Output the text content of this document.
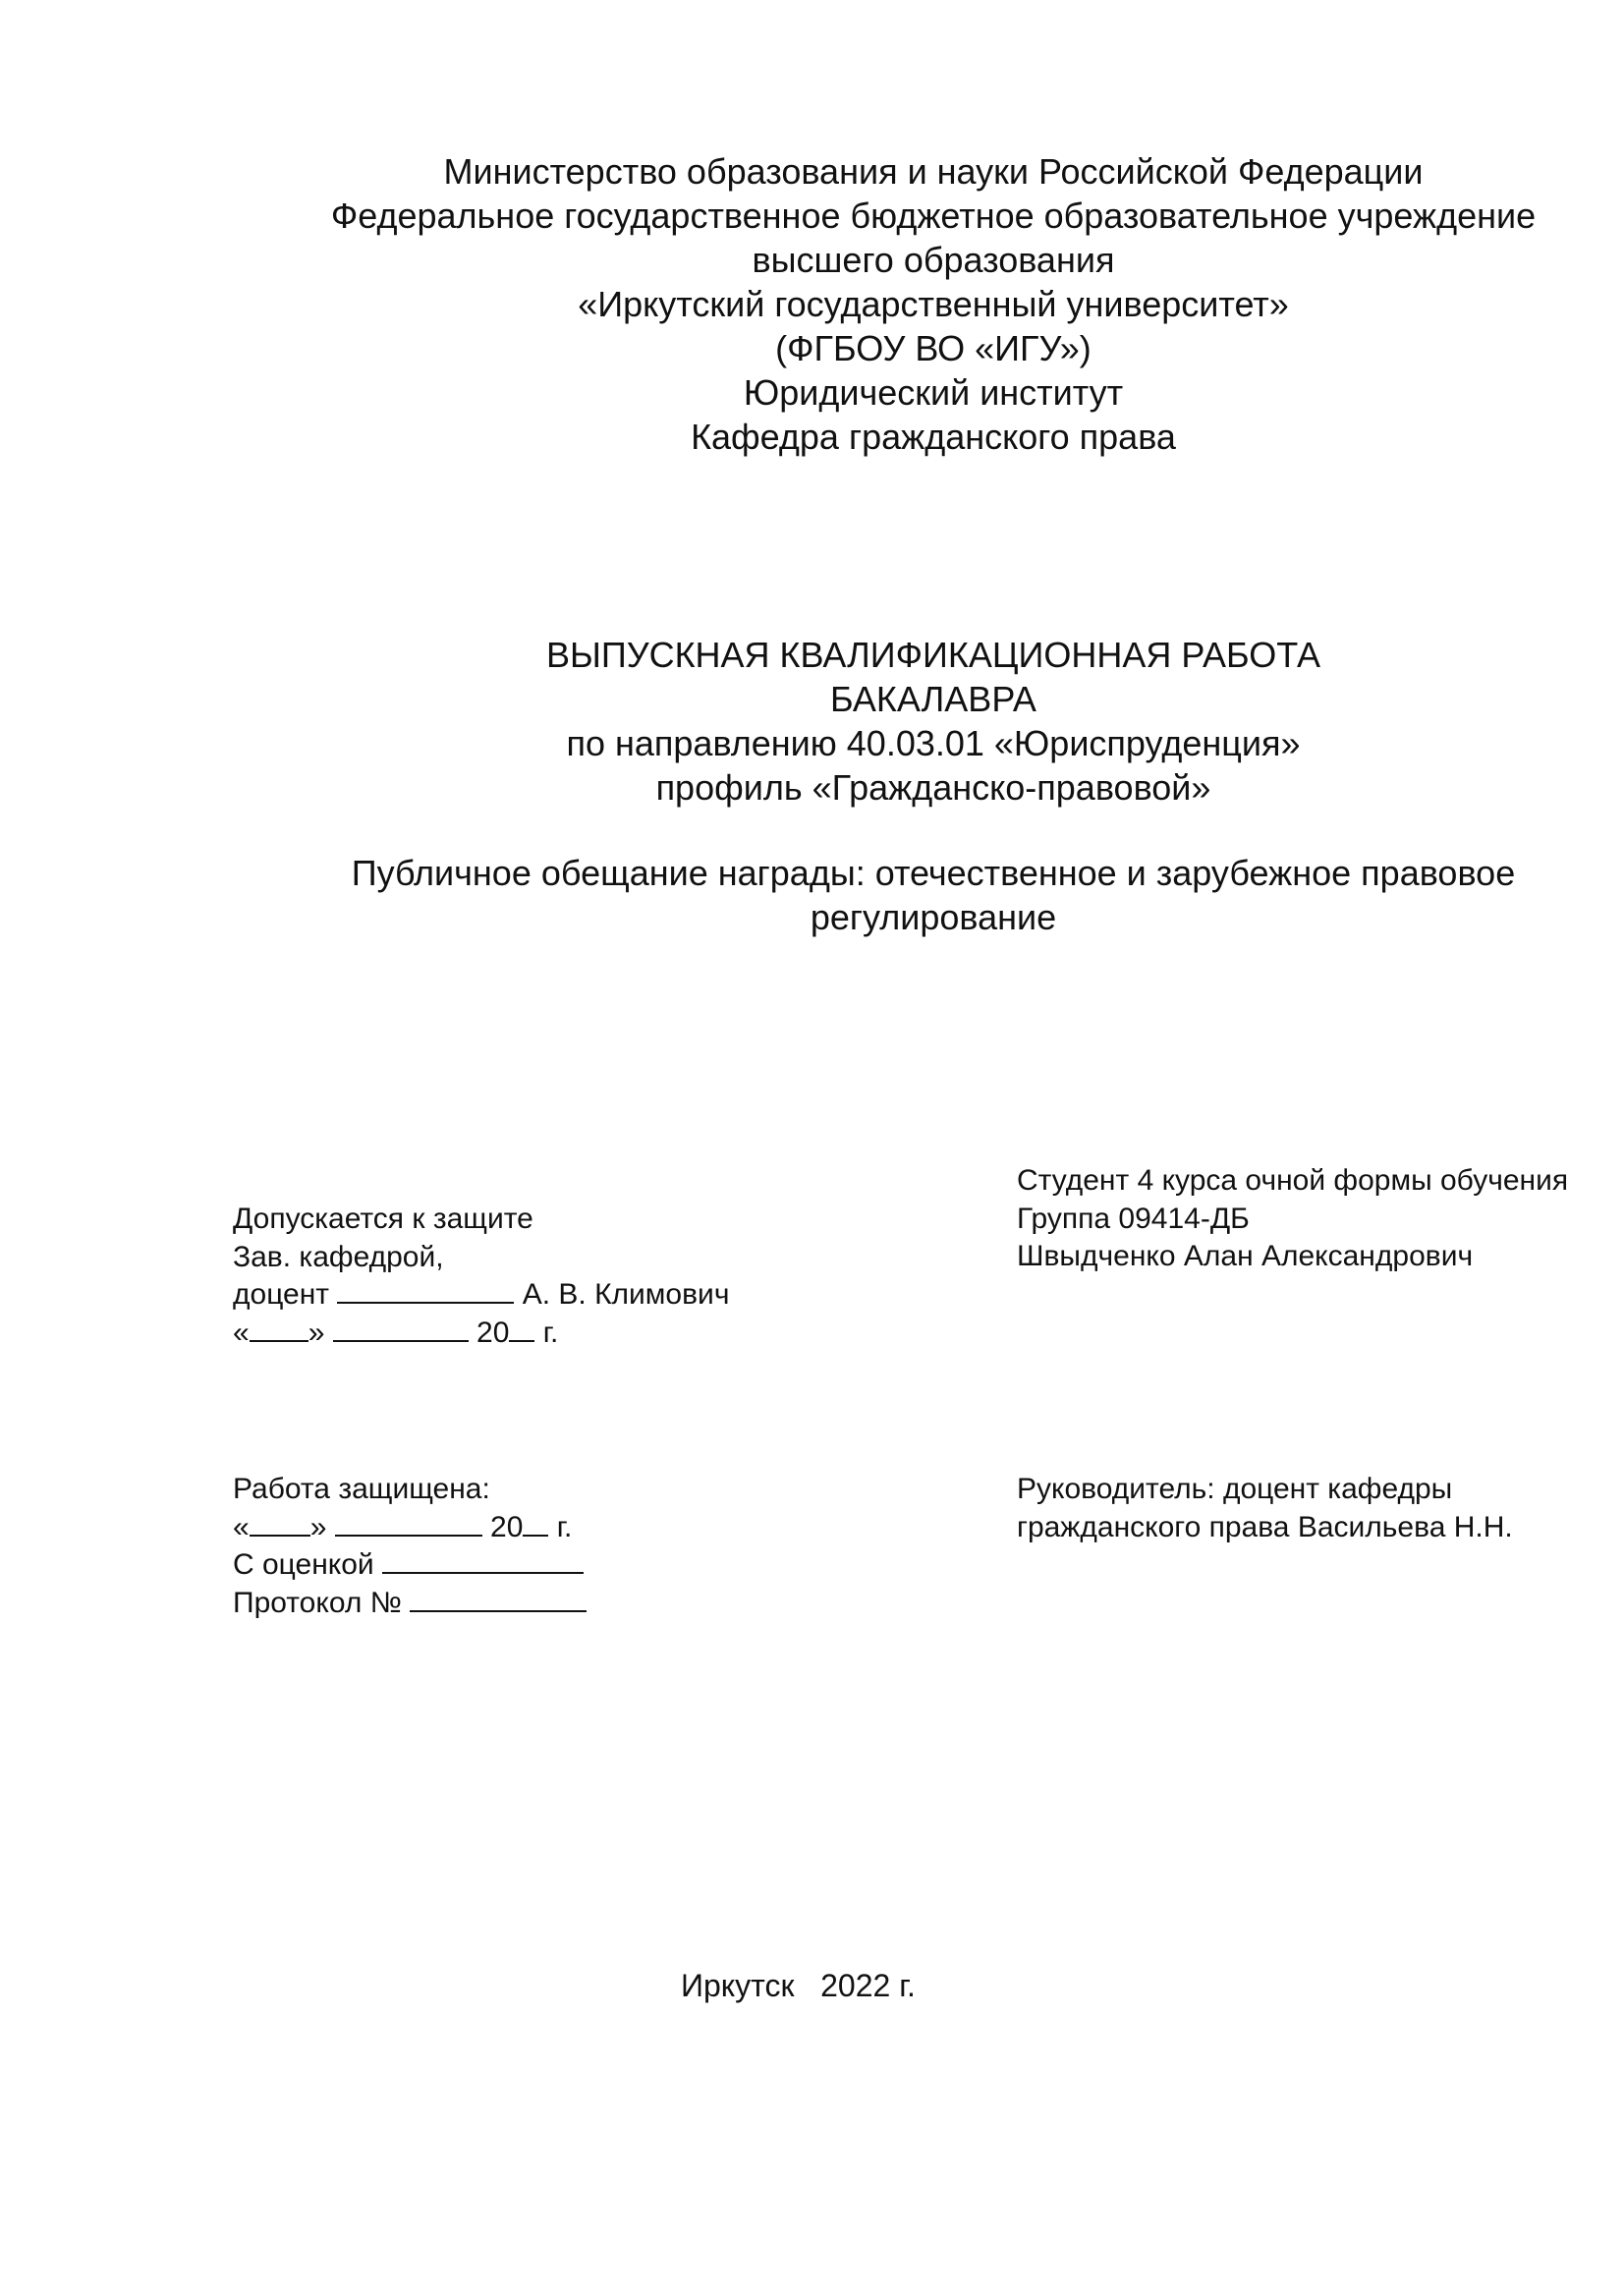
Министерство образования и науки Российской Федерации
Федеральное государственное бюджетное образовательное учреждение
высшего образования
«Иркутский государственный университет»
(ФГБОУ ВО «ИГУ»)
Юридический институт
Кафедра гражданского права
ВЫПУСКНАЯ КВАЛИФИКАЦИОННАЯ РАБОТА
БАКАЛАВРА
по направлению 40.03.01 «Юриспруденция»
профиль «Гражданско-правовой»
Публичное обещание награды: отечественное и зарубежное правовое
регулирование
Допускается к защите
Зав. кафедрой,
доцент	А. В. Климович
« »	20 г.
Студент 4 курса очной формы обучения
Группа 09414-ДБ
Швыдченко Алан Александрович
Работа защищена:
« »	20 г.
С оценкой
Протокол №
Руководитель: доцент кафедры
гражданского права Васильева Н.Н.
Иркутск   2022 г.
